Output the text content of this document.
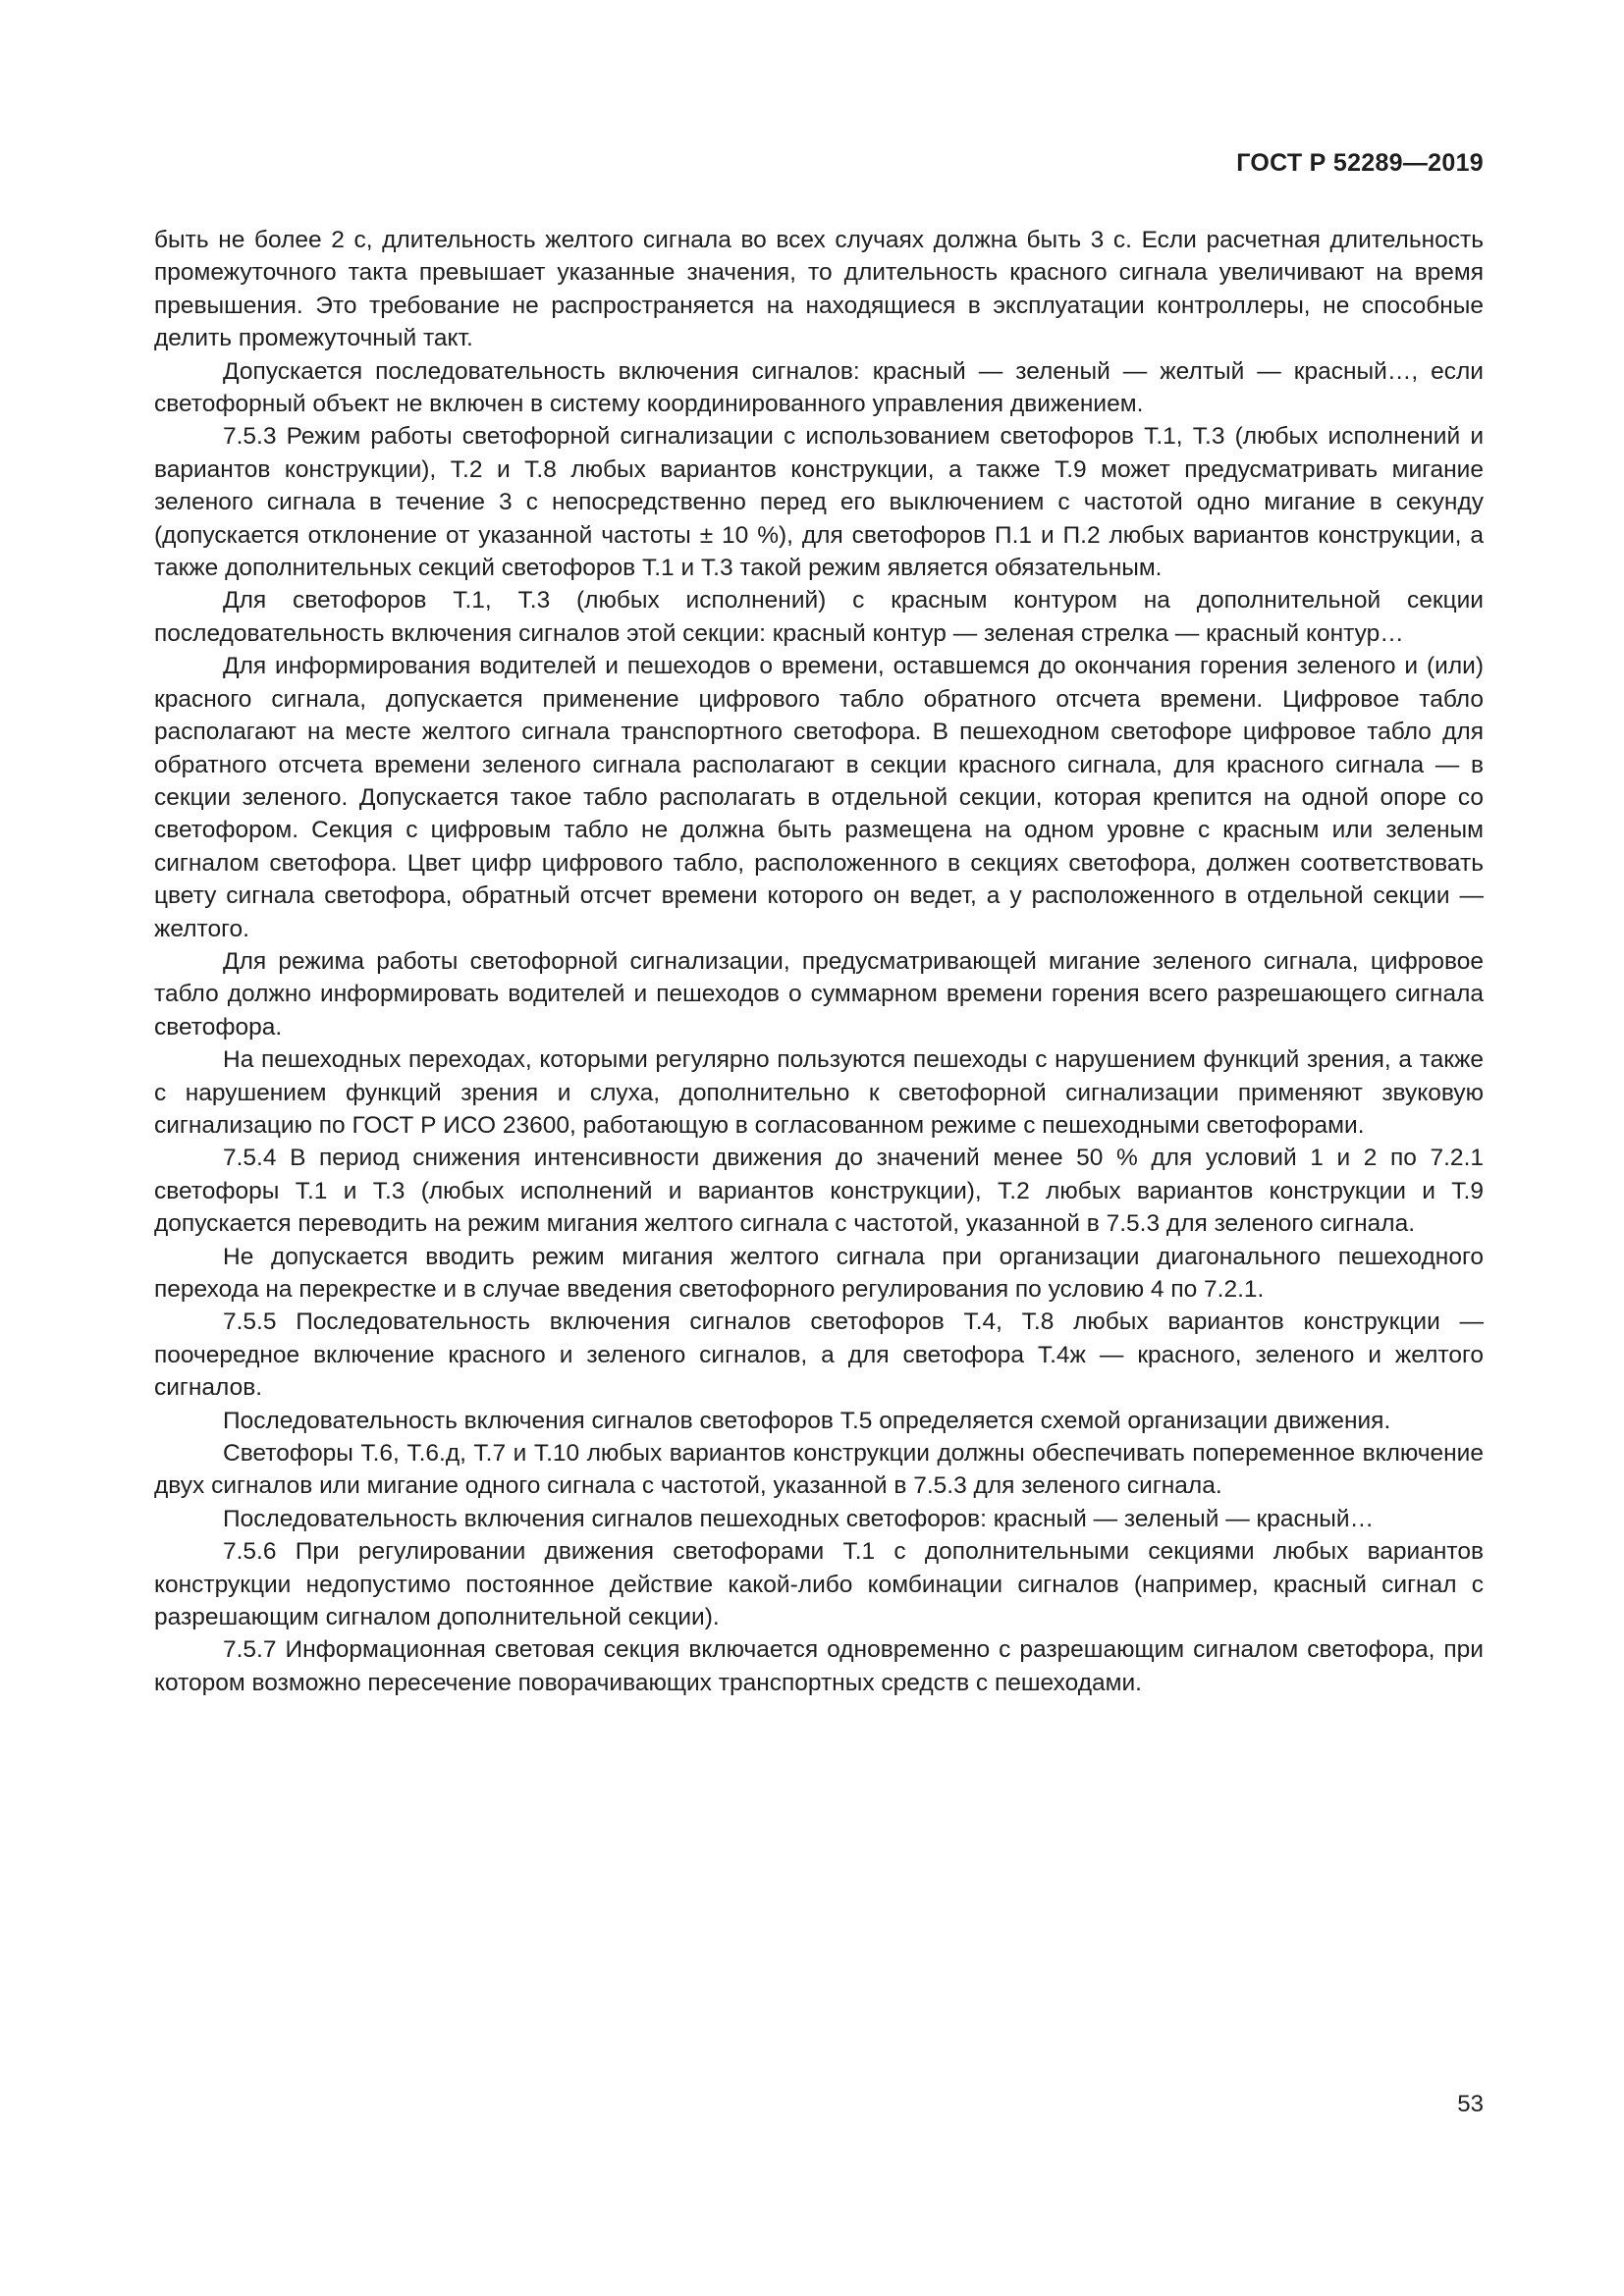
ГОСТ Р 52289—2019

быть не более 2 с, длительность желтого сигнала во всех случаях должна быть 3 с. Если расчетная длительность промежуточного такта превышает указанные значения, то длительность красного сигнала увеличивают на время превышения. Это требование не распространяется на находящиеся в эксплуатации контроллеры, не способные делить промежуточный такт.

Допускается последовательность включения сигналов: красный — зеленый — желтый — красный…, если светофорный объект не включен в систему координированного управления движением.

7.5.3 Режим работы светофорной сигнализации с использованием светофоров Т.1, Т.3 (любых исполнений и вариантов конструкции), Т.2 и Т.8 любых вариантов конструкции, а также Т.9 может предусматривать мигание зеленого сигнала в течение 3 с непосредственно перед его выключением с частотой одно мигание в секунду (допускается отклонение от указанной частоты ± 10 %), для светофоров П.1 и П.2 любых вариантов конструкции, а также дополнительных секций светофоров Т.1 и Т.3 такой режим является обязательным.

Для светофоров Т.1, Т.3 (любых исполнений) с красным контуром на дополнительной секции последовательность включения сигналов этой секции: красный контур — зеленая стрелка — красный контур…

Для информирования водителей и пешеходов о времени, оставшемся до окончания горения зеленого и (или) красного сигнала, допускается применение цифрового табло обратного отсчета времени. Цифровое табло располагают на месте желтого сигнала транспортного светофора. В пешеходном светофоре цифровое табло для обратного отсчета времени зеленого сигнала располагают в секции красного сигнала, для красного сигнала — в секции зеленого. Допускается такое табло располагать в отдельной секции, которая крепится на одной опоре со светофором. Секция с цифровым табло не должна быть размещена на одном уровне с красным или зеленым сигналом светофора. Цвет цифр цифрового табло, расположенного в секциях светофора, должен соответствовать цвету сигнала светофора, обратный отсчет времени которого он ведет, а у расположенного в отдельной секции — желтого.

Для режима работы светофорной сигнализации, предусматривающей мигание зеленого сигнала, цифровое табло должно информировать водителей и пешеходов о суммарном времени горения всего разрешающего сигнала светофора.

На пешеходных переходах, которыми регулярно пользуются пешеходы с нарушением функций зрения, а также с нарушением функций зрения и слуха, дополнительно к светофорной сигнализации применяют звуковую сигнализацию по ГОСТ Р ИСО 23600, работающую в согласованном режиме с пешеходными светофорами.

7.5.4 В период снижения интенсивности движения до значений менее 50 % для условий 1 и 2 по 7.2.1 светофоры Т.1 и Т.3 (любых исполнений и вариантов конструкции), Т.2 любых вариантов конструкции и Т.9 допускается переводить на режим мигания желтого сигнала с частотой, указанной в 7.5.3 для зеленого сигнала.

Не допускается вводить режим мигания желтого сигнала при организации диагонального пешеходного перехода на перекрестке и в случае введения светофорного регулирования по условию 4 по 7.2.1.

7.5.5 Последовательность включения сигналов светофоров Т.4, Т.8 любых вариантов конструкции — поочередное включение красного и зеленого сигналов, а для светофора Т.4ж — красного, зеленого и желтого сигналов.

Последовательность включения сигналов светофоров Т.5 определяется схемой организации движения.

Светофоры Т.6, Т.6.д, Т.7 и Т.10 любых вариантов конструкции должны обеспечивать попеременное включение двух сигналов или мигание одного сигнала с частотой, указанной в 7.5.3 для зеленого сигнала.

Последовательность включения сигналов пешеходных светофоров: красный — зеленый — красный…

7.5.6 При регулировании движения светофорами Т.1 с дополнительными секциями любых вариантов конструкции недопустимо постоянное действие какой-либо комбинации сигналов (например, красный сигнал с разрешающим сигналом дополнительной секции).

7.5.7 Информационная световая секция включается одновременно с разрешающим сигналом светофора, при котором возможно пересечение поворачивающих транспортных средств с пешеходами.

53
